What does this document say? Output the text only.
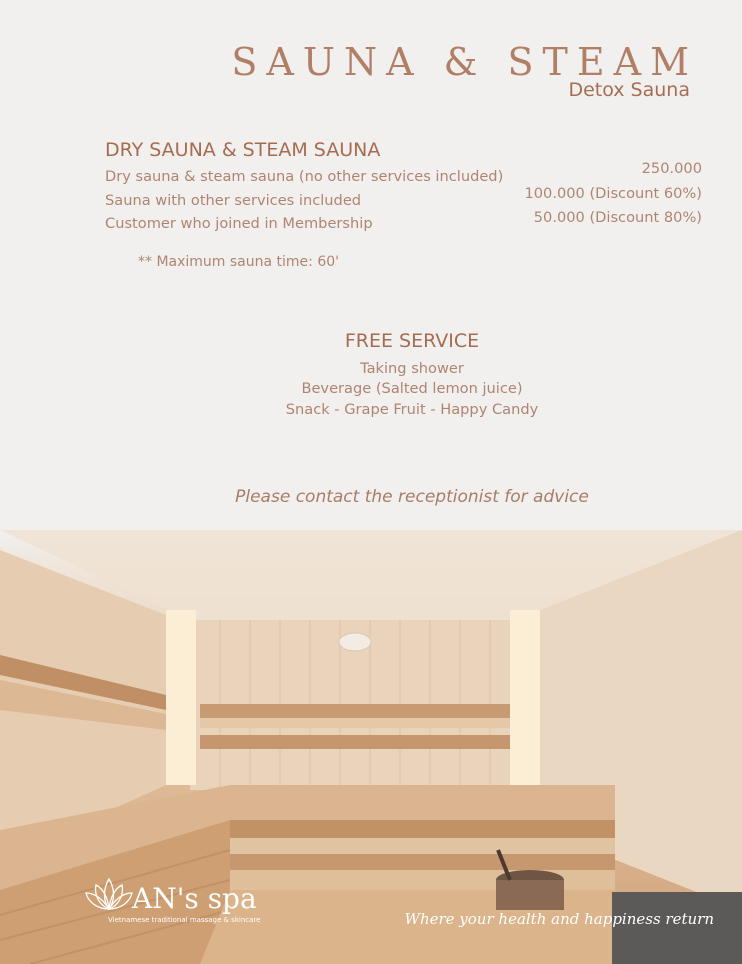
SAUNA & STEAM
Detox Sauna
DRY SAUNA & STEAM SAUNA
Dry sauna & steam sauna (no other services included)
Sauna with other services included
Customer who joined in Membership
250.000
100.000 (Discount 60%)
50.000 (Discount 80%)
** Maximum sauna time: 60'
FREE SERVICE
Taking shower
Beverage (Salted lemon juice)
Snack - Grape Fruit - Happy Candy
Please contact the receptionist for advice
AN's spa
Vietnamese traditional massage & skincare	Where your health and happiness return
